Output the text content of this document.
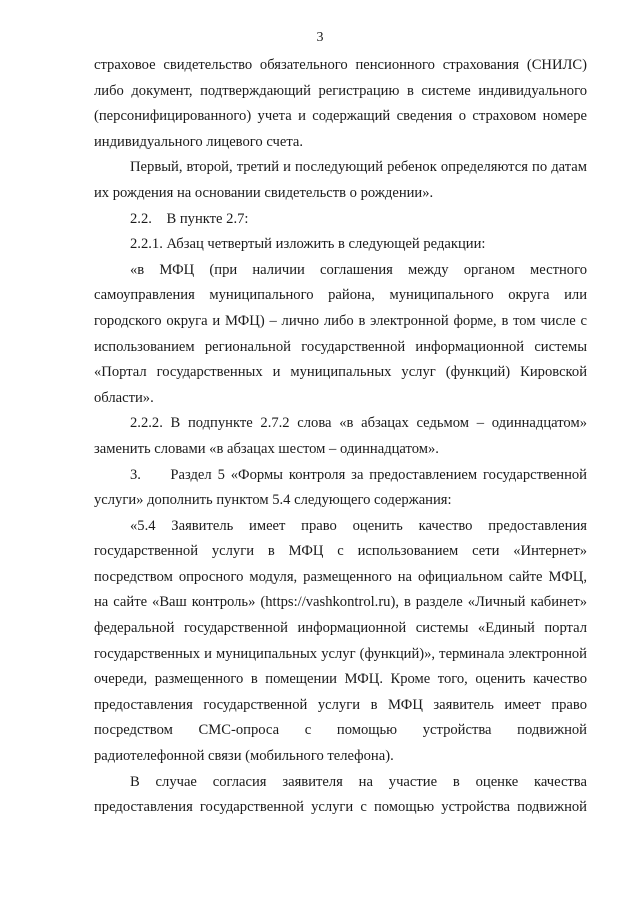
3

страховое свидетельство обязательного пенсионного страхования (СНИЛС) либо документ, подтверждающий регистрацию в системе индивидуального (персонифицированного) учета и содержащий сведения о страховом номере индивидуального лицевого счета.

Первый, второй, третий и последующий ребенок определяются по датам их рождения на основании свидетельств о рождении».

2.2.    В пункте 2.7:

2.2.1. Абзац четвертый изложить в следующей редакции:

«в МФЦ (при наличии соглашения между органом местного самоуправления муниципального района, муниципального округа или городского округа и МФЦ) – лично либо в электронной форме, в том числе с использованием региональной государственной информационной системы «Портал государственных и муниципальных услуг (функций) Кировской области».

2.2.2. В подпункте 2.7.2 слова «в абзацах седьмом – одиннадцатом» заменить словами «в абзацах шестом – одиннадцатом».

3.     Раздел 5 «Формы контроля за предоставлением государственной услуги» дополнить пунктом 5.4 следующего содержания:

«5.4 Заявитель имеет право оценить качество предоставления государственной услуги в МФЦ с использованием сети «Интернет» посредством опросного модуля, размещенного на официальном сайте МФЦ, на сайте «Ваш контроль» (https://vashkontrol.ru), в разделе «Личный кабинет» федеральной государственной информационной системы «Единый портал государственных и муниципальных услуг (функций)», терминала электронной очереди, размещенного в помещении МФЦ. Кроме того, оценить качество предоставления государственной услуги в МФЦ заявитель имеет право посредством СМС-опроса с помощью устройства подвижной радиотелефонной связи (мобильного телефона).

В случае согласия заявителя на участие в оценке качества предоставления государственной услуги с помощью устройства подвижной
